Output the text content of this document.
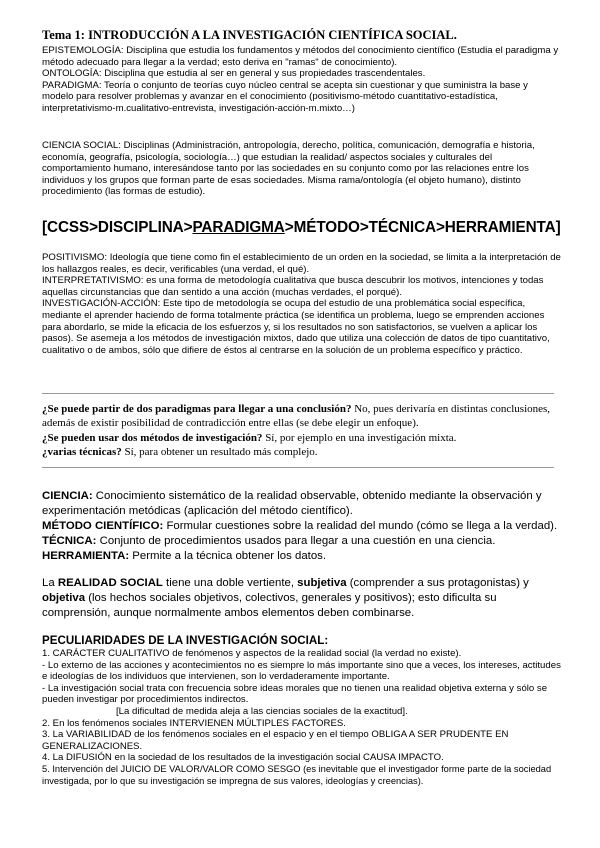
Tema 1: INTRODUCCIÓN A LA INVESTIGACIÓN CIENTÍFICA SOCIAL.
EPISTEMOLOGÍA: Disciplina que estudia los fundamentos y métodos del conocimiento científico (Estudia el paradigma y método adecuado para llegar a la verdad; esto deriva en "ramas" de conocimiento).
ONTOLOGÍA: Disciplina que estudia al ser en general y sus propiedades trascendentales.
PARADIGMA: Teoría o conjunto de teorías cuyo núcleo central se acepta sin cuestionar y que suministra la base y modelo para resolver problemas y avanzar en el conocimiento (positivismo-método cuantitativo-estadística, interpretativismo-m.cualitativo-entrevista, investigación-acción-m.mixto…)
CIENCIA SOCIAL: Disciplinas (Administración, antropología, derecho, política, comunicación, demografía e historia, economía, geografía, psicología, sociología…) que estudian la realidad/ aspectos sociales y culturales del comportamiento humano, interesándose tanto por las sociedades en su conjunto como por las relaciones entre los individuos y los grupos que forman parte de esas sociedades. Misma rama/ontología (el objeto humano), distinto procedimiento (las formas de estudio).
[CCSS>DISCIPLINA>PARADIGMA>MÉTODO>TÉCNICA>HERRAMIENTA]
POSITIVISMO: Ideología que tiene como fin el establecimiento de un orden en la sociedad, se limita a la interpretación de los hallazgos reales, es decir, verificables (una verdad, el qué).
INTERPRETATIVISMO: es una forma de metodología cualitativa que busca descubrir los motivos, intenciones y todas aquellas circunstancias que dan sentido a una acción (muchas verdades, el porqué).
INVESTIGACIÓN-ACCIÓN: Este tipo de metodología se ocupa del estudio de una problemática social específica, mediante el aprender haciendo de forma totalmente práctica (se identifica un problema, luego se emprenden acciones para abordarlo, se mide la eficacia de los esfuerzos y, si los resultados no son satisfactorios, se vuelven a aplicar los pasos). Se asemeja a los métodos de investigación mixtos, dado que utiliza una colección de datos de tipo cuantitativo, cualitativo o de ambos, sólo que difiere de éstos al centrarse en la solución de un problema específico y práctico.
¿Se puede partir de dos paradigmas para llegar a una conclusión? No, pues derivaría en distintas conclusiones, además de existir posibilidad de contradicción entre ellas (se debe elegir un enfoque).
¿Se pueden usar dos métodos de investigación? Sí, por ejemplo en una investigación mixta.
¿varias técnicas? Sí, para obtener un resultado más complejo.
CIENCIA: Conocimiento sistemático de la realidad observable, obtenido mediante la observación y experimentación metódicas (aplicación del método científico).
MÉTODO CIENTÍFICO: Formular cuestiones sobre la realidad del mundo (cómo se llega a la verdad).
TÉCNICA: Conjunto de procedimientos usados para llegar a una cuestión en una ciencia.
HERRAMIENTA: Permite a la técnica obtener los datos.
La REALIDAD SOCIAL tiene una doble vertiente, subjetiva (comprender a sus protagonistas) y objetiva (los hechos sociales objetivos, colectivos, generales y positivos); esto dificulta su comprensión, aunque normalmente ambos elementos deben combinarse.
PECULIARIDADES DE LA INVESTIGACIÓN SOCIAL:
1. CARÁCTER CUALITATIVO de fenómenos y aspectos de la realidad social (la verdad no existe).
- Lo externo de las acciones y acontecimientos no es siempre lo más importante sino que a veces, los intereses, actitudes e ideologías de los individuos que intervienen, son lo verdaderamente importante.
- La investigación social trata con frecuencia sobre ideas morales que no tienen una realidad objetiva externa y sólo se pueden investigar por procedimientos indirectos.
[La dificultad de medida aleja a las ciencias sociales de la exactitud].
2. En los fenómenos sociales INTERVIENEN MÚLTIPLES FACTORES.
3. La VARIABILIDAD de los fenómenos sociales en el espacio y en el tiempo OBLIGA A SER PRUDENTE EN GENERALIZACIONES.
4. La DIFUSIÓN en la sociedad de los resultados de la investigación social CAUSA IMPACTO.
5. Intervención del JUICIO DE VALOR/VALOR COMO SESGO (es inevitable que el investigador forme parte de la sociedad investigada, por lo que su investigación se impregna de sus valores, ideologías y creencias).
